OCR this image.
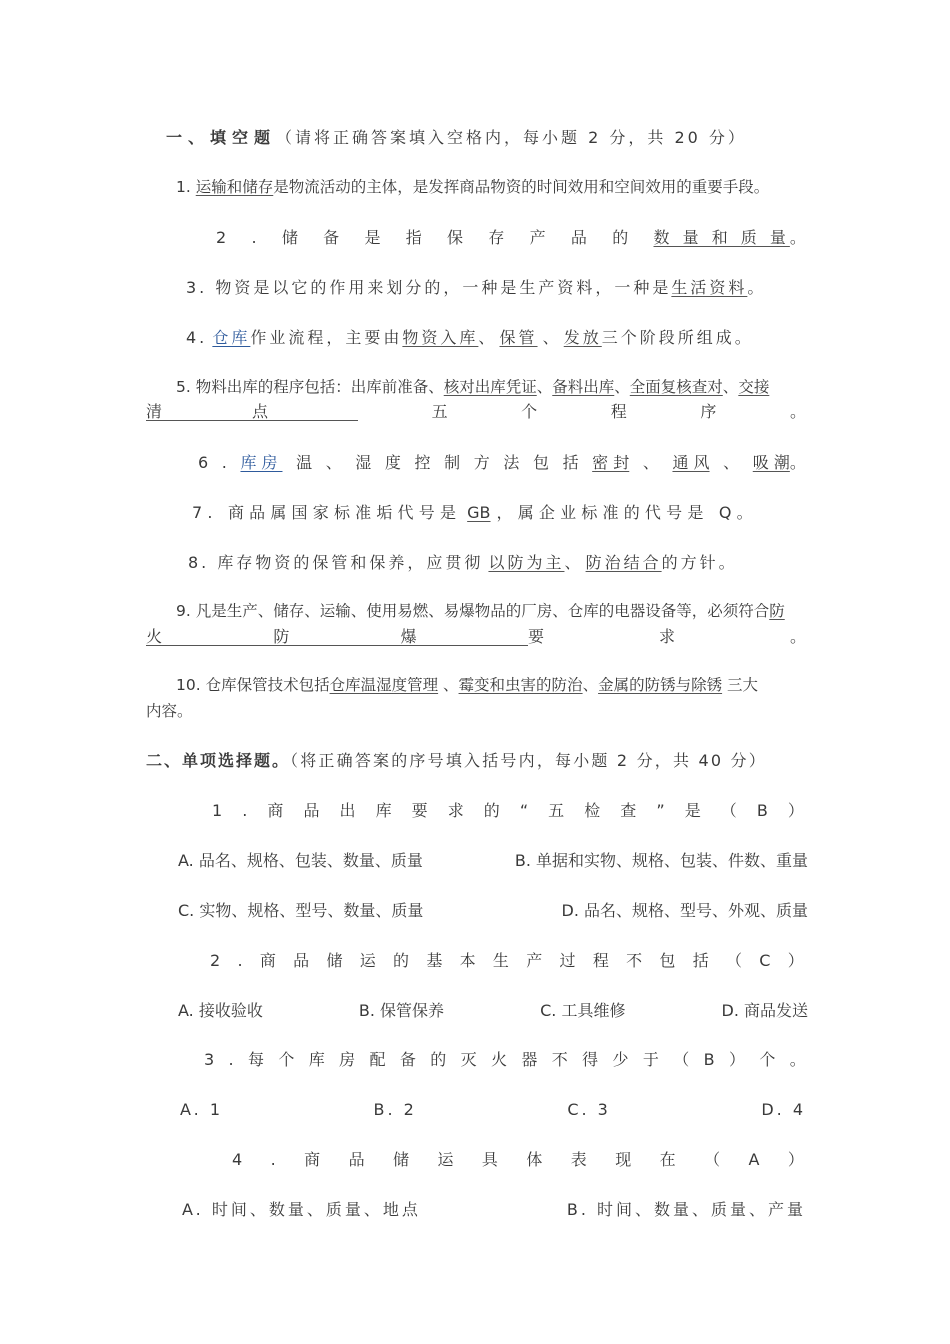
一、填空题（请将正确答案填入空格内，每小题 2 分，共 20 分）
1. 运输和储存是物流活动的主体，是发挥商品物资的时间效用和空间效用的重要手段。
2 . 储 备 是 指 保 存 产 品 的 数 量 和 质 量。
3. 物资是以它的作用来划分的，一种是生产资料，一种是生活资料。
4. 仓库作业流程，主要由物资入库、 保管 、 发放三个阶段所组成。
5. 物料出库的程序包括：出库前准备、核对出库凭证、备料出库、全面复核查对、交接
清	点	五	个	程	序	。
6 . 库房 温 、 湿 度 控 制 方 法 包 括 密 封 、 通 风 、 吸 潮。
7. 商品属国家标准垢代号是 GB ，属企业标准的代号是 Q。
8. 库存物资的保管和保养，应贯彻 以防为主、 防治结合的方针。
9. 凡是生产、储存、运输、使用易燃、易爆物品的厂房、仓库的电器设备等，必须符合防
火	防	爆	要	求	。
10. 仓库保管技术包括仓库温湿度管理 、霉变和虫害的防治、金属的防锈与除锈 三大
内容。
二、单项选择题。（将正确答案的序号填入括号内，每小题 2 分，共 40 分）
1 . 商 品 出 库 要 求 的 “ 五 检 查 ” 是 （ B ）
A. 品名、规格、包装、数量、质量	B. 单据和实物、规格、包装、件数、重量
C. 实物、规格、型号、数量、质量	D. 品名、规格、型号、外观、质量
2 . 商 品 储 运 的 基 本 生 产 过 程 不 包 括 （ C ）
A. 接收验收	B. 保管保养	C. 工具维修	D. 商品发送
3 . 每 个 库 房 配 备 的 灭 火 器 不 得 少 于 （ B ） 个 。
A. 1	B. 2	C. 3	D. 4
4 . 商 品 储 运 具 体 表 现 在 （ A ）
A. 时间、数量、质量、地点	B. 时间、数量、质量、产量
